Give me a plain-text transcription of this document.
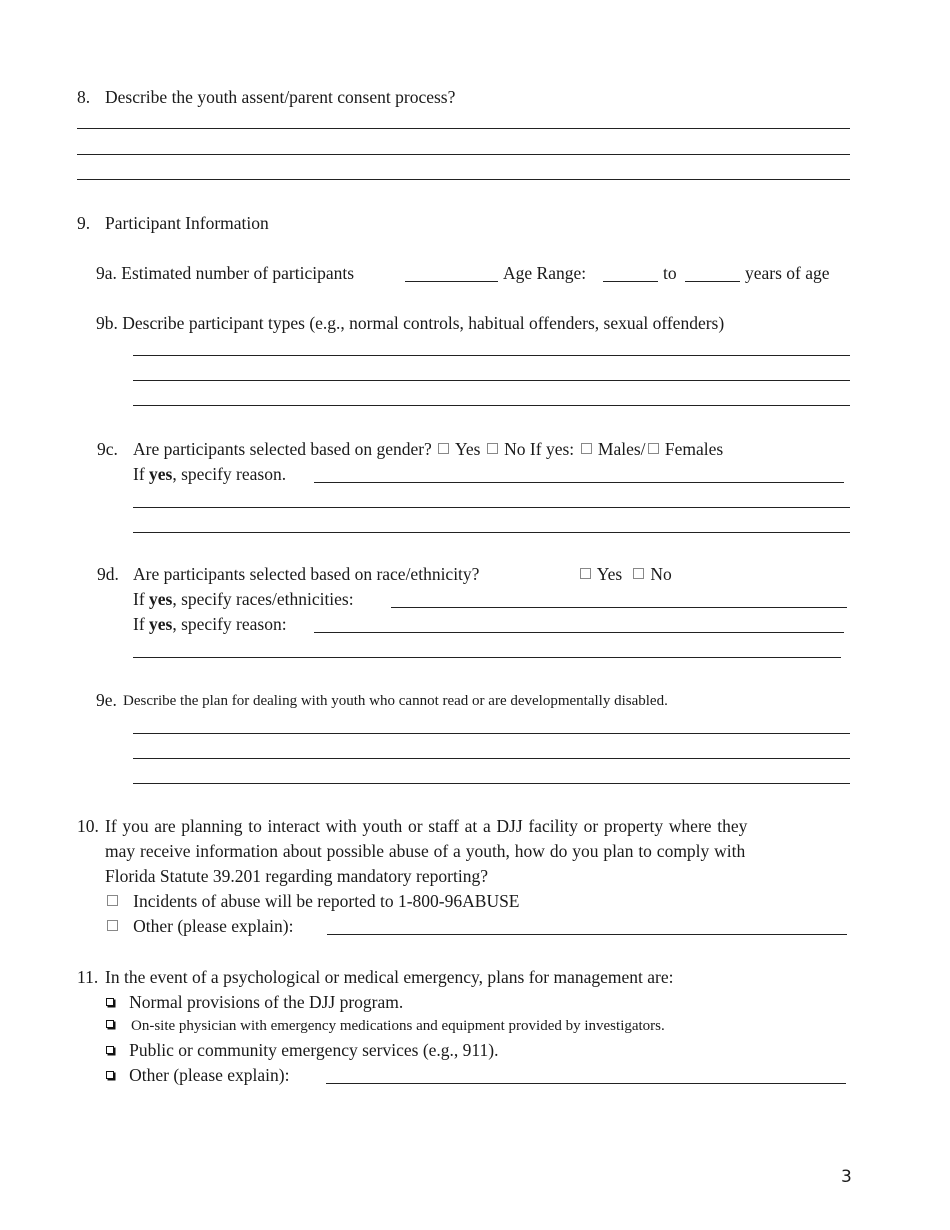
8. Describe the youth assent/parent consent process?
9. Participant Information
9a. Estimated number of participants	Age Range:	to	years of age
9b. Describe participant types (e.g., normal controls, habitual offenders, sexual offenders)
9c. Are participants selected based on gender? Yes No If yes: Males/ Females
If yes, specify reason.
9d. Are participants selected based on race/ethnicity?	Yes No
If yes, specify races/ethnicities:
If yes, specify reason:
9e. Describe the plan for dealing with youth who cannot read or are developmentally disabled.
10. If you are planning to interact with youth or staff at a DJJ facility or property where they
may receive information about possible abuse of a youth, how do you plan to comply with
Florida Statute 39.201 regarding mandatory reporting?
Incidents of abuse will be reported to 1-800-96ABUSE
Other (please explain):
11. In the event of a psychological or medical emergency, plans for management are:
Normal provisions of the DJJ program.
On-site physician with emergency medications and equipment provided by investigators.
Public or community emergency services (e.g., 911).
Other (please explain):
3
